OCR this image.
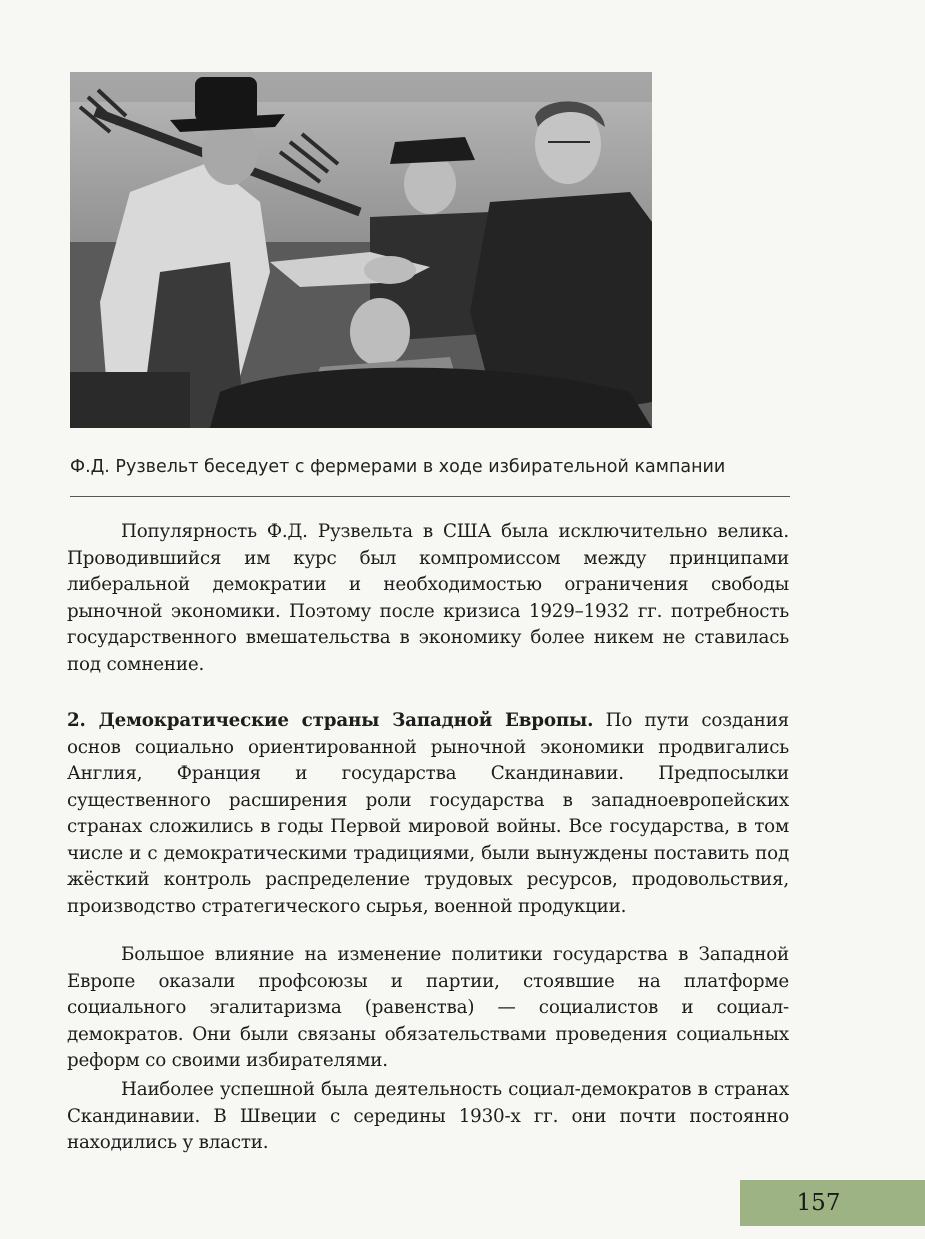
Ф.Д. Рузвельт беседует с фермерами в ходе избирательной кампании

Популярность Ф.Д. Рузвельта в США была исключительно велика. Проводившийся им курс был компромиссом между принципами либеральной демократии и необходимостью ограничения свободы рыночной экономики. Поэтому после кризиса 1929–1932 гг. потребность государственного вмешательства в экономику более никем не ставилась под сомнение.

2. Демократические страны Западной Европы. По пути создания основ социально ориентированной рыночной экономики продвигались Англия, Франция и государства Скандинавии. Предпосылки существенного расширения роли государства в западноевропейских странах сложились в годы Первой мировой войны. Все государства, в том числе и с демократическими традициями, были вынуждены поставить под жёсткий контроль распределение трудовых ресурсов, продовольствия, производство стратегического сырья, военной продукции.

Большое влияние на изменение политики государства в Западной Европе оказали профсоюзы и партии, стоявшие на платформе социального эгалитаризма (равенства) — социалистов и социал-демократов. Они были связаны обязательствами проведения социальных реформ со своими избирателями.

Наиболее успешной была деятельность социал-демократов в странах Скандинавии. В Швеции с середины 1930-х гг. они почти постоянно находились у власти.

157
